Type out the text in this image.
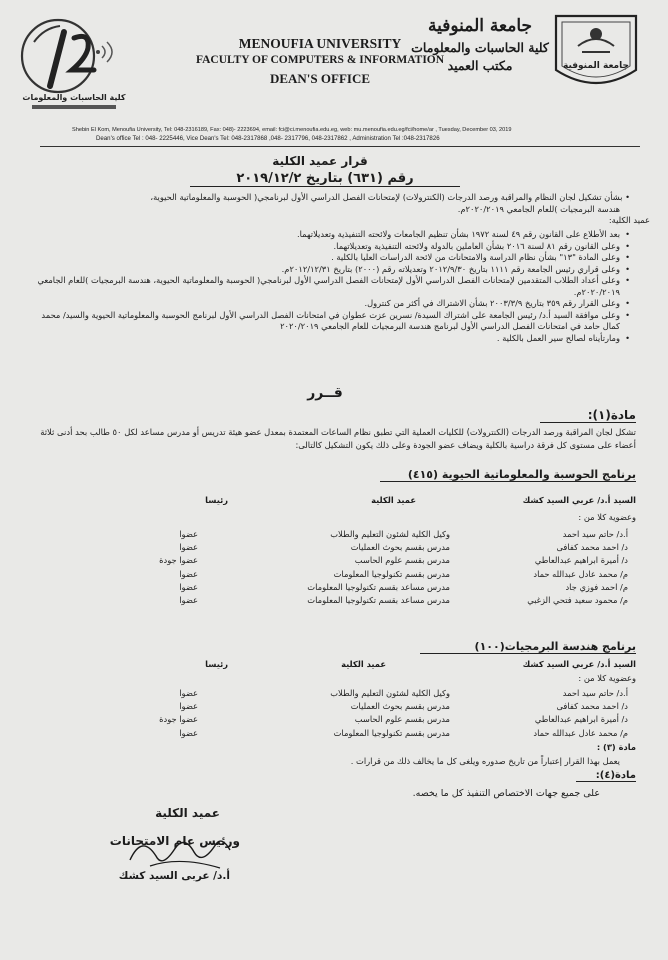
كلية الحاسبات والمعلومات
جامعة المنوفية
MENOUFIA UNIVERSITY
FACULTY OF COMPUTERS & INFORMATION
DEAN'S OFFICE
جامعة المنوفية
كلية الحاسبات والمعلومات
مكتب العميد
Shebin El Kom, Menoufia University, Tel: 048-2316189, Fax: 048)- 2223694, email: fci@ci.menoufia.edu.eg, web: mu.menoufia.edu.eg/fci/home/ar , Tuesday, December 03, 2019
Dean's office Tel : 048- 2225446, Vice Dean's Tel: 048-2317868 ,048- 2317796, 048-2317862 , Administration Tel :048-2317826
قرار عميد الكلية
رقم (٦٣١) بتاريخ ٢٠١٩/١٢/٢
• بشأن تشكيل لجان النظام والمراقبة ورصد الدرجات (الكنترولات) لإمتحانات الفصل الدراسي الأول لبرنامجي( الحوسبة والمعلوماتية الحيوية،
هندسة البرمجيات )للعام الجامعي ٢٠٢٠/٢٠١٩م.
عميد الكلية:
• بعد الأطلاع على القانون رقم ٤٩ لسنة ١٩٧٢ بشأن تنظيم الجامعات ولائحته التنفيذية وتعديلاتهما.
• وعلى القانون رقم ٨١ لسنة ٢٠١٦ بشأن العاملين بالدولة ولائحته التنفيذية وتعديلاتهما.
• وعلى المادة "١٣" بشأن نظام الدراسة والامتحانات من لائحة الدراسات العليا بالكلية .
• وعلى قراري رئيس الجامعة رقم ١١١١ بتاريخ ٢٠١٢/٩/٣٠ وتعديلاته رقم (٢٠٠٠) بتاريخ ٢٠١٢/١٢/٣١م.
• وعلى أعداد الطلاب المتقدمين لإمتحانات الفصل الدراسي الأول لإمتحانات الفصل الدراسي الأول لبرنامجي( الحوسبة والمعلوماتية الحيوية، هندسة البرمجيات )للعام الجامعي ٢٠٢٠/٢٠١٩م.
• وعلى القرار رقم ٣٥٩ بتاريخ ٢٠٠٣/٣/٩ بشأن الاشتراك في أكثر من كنترول.
• وعلى موافقة السيد أ.د/ رئيس الجامعة على اشتراك السيدة/ نسرين عزت عطوان في امتحانات الفصل الدراسي الأول لبرنامج الحوسبة والمعلوماتية الحيوية والسيد/ محمد كمال حامد في امتحانات الفصل الدراسي الأول لبرنامج هندسة البرمجيات للعام الجامعي ٢٠٢٠/٢٠١٩
• ومارتأيناه لصالح سير العمل بالكلية .
قــرر
مادة(١):
تشكل لجان المراقبة ورصد الدرجات (الكنترولات) للكليات العملية التي تطبق نظام الساعات المعتمدة بمعدل عضو هيئة تدريس أو مدرس مساعد لكل ٥٠ طالب بحد أدنى ثلاثة أعضاء على مستوى كل فرقة دراسية بالكلية ويضاف عضو الجودة وعلى ذلك يكون التشكيل كالتالى:
برنامج الحوسبة والمعلوماتية الحيوية (٤١٥)
السيد أ.د/ عربي السيد كشك
عميد الكلية
رئيسا
وعضوية كلا من :
أ.د/ حاتم سيد احمد
وكيل الكلية لشئون التعليم والطلاب
عضوا
د/ احمد محمد كفافى
مدرس بقسم بحوث العمليات
عضوا
د/ أميرة ابراهيم عبدالعاطي
مدرس بقسم علوم الحاسب
عضوا جودة
م/ محمد عادل عبدالله حماد
مدرس بقسم تكنولوجيا المعلومات
عضوا
م/ احمد فوزي جاد
مدرس مساعد بقسم تكنولوجيا المعلومات
عضوا
م/ محمود سعيد فتحي الزغبي
مدرس مساعد بقسم تكنولوجيا المعلومات
عضوا
برنامج هندسة البرمجيات(١٠٠)
السيد أ.د/ عربي السيد كشك
عميد الكلية
رئيسا
وعضوية كلا من :
أ.د/ حاتم سيد احمد
وكيل الكلية لشئون التعليم والطلاب
عضوا
د/ احمد محمد كفافى
مدرس بقسم بحوث العمليات
عضوا
د/ أميرة ابراهيم عبدالعاطي
مدرس بقسم علوم الحاسب
عضوا جودة
م/ محمد عادل عبدالله حماد
مدرس بقسم تكنولوجيا المعلومات
عضوا
مادة (٣) :
يعمل بهذا القرار إعتباراً من تاريخ صدوره ويلغى كل ما يخالف ذلك من قرارات .
مادة(٤):
على جميع جهات الاختصاص التنفيذ كل ما يخصه.
عميد الكلية
ورئيس عام الامتحانات
أ.د/ عربى السيد كشك
